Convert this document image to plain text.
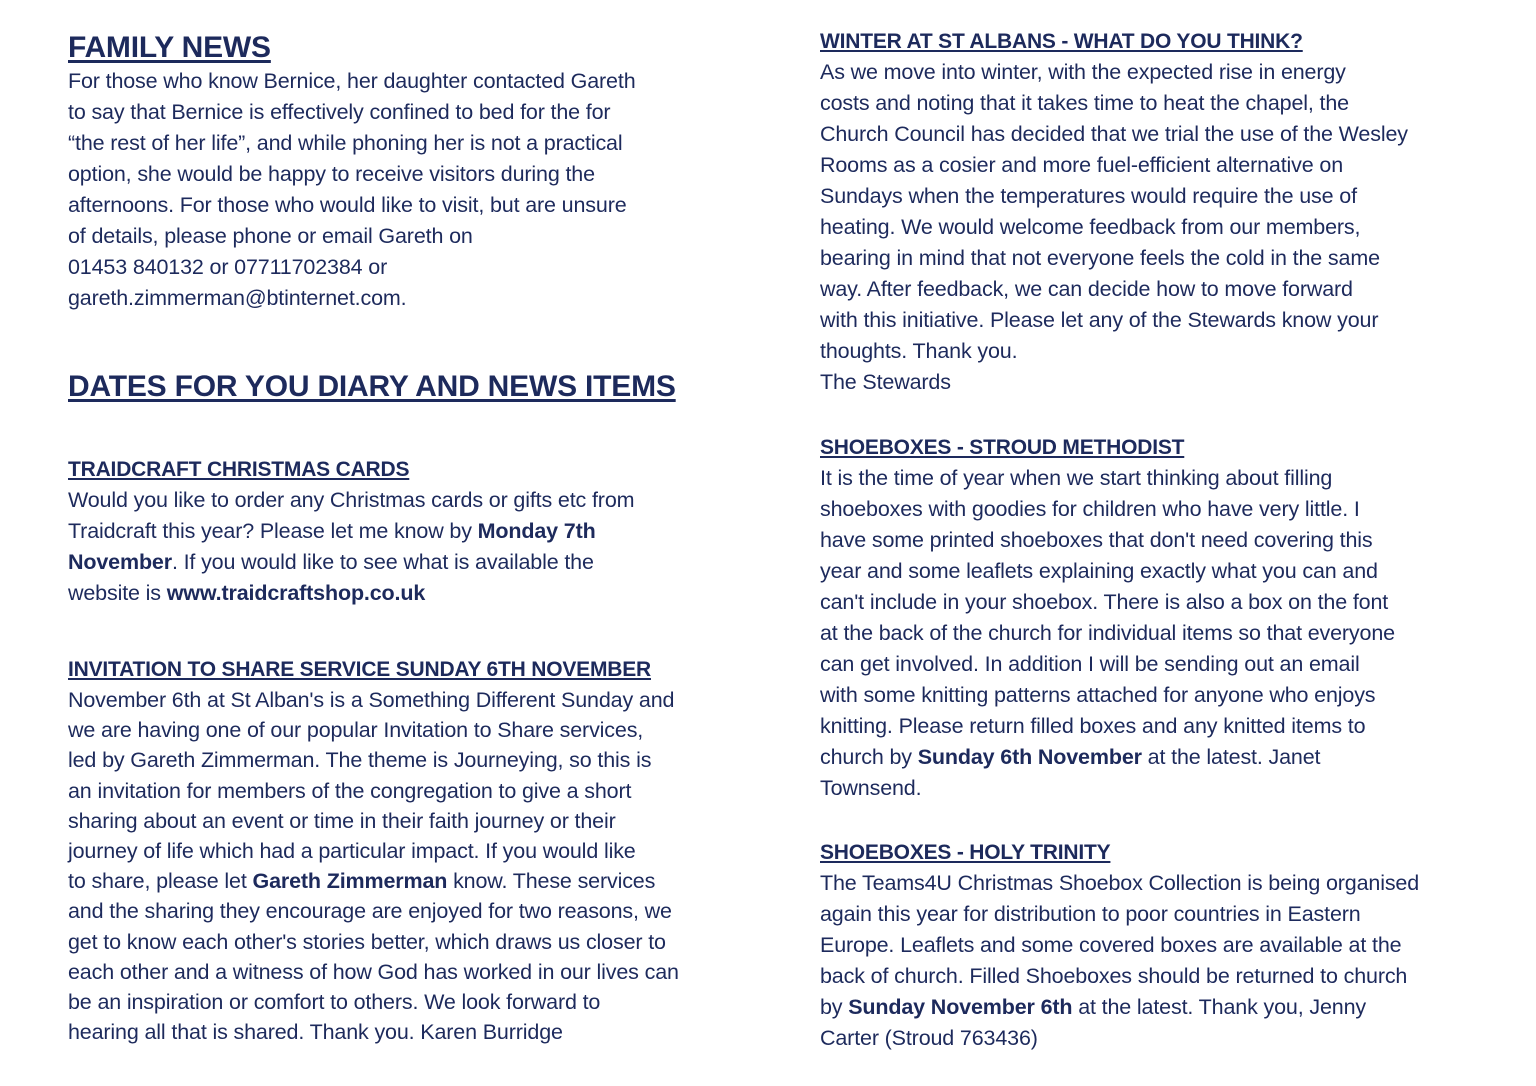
FAMILY NEWS

For those who know Bernice, her daughter contacted Gareth
to say that Bernice is effectively confined to bed for the for
“the rest of her life”, and while phoning her is not a practical
option, she would be happy to receive visitors during the
afternoons. For those who would like to visit, but are unsure
of details, please phone or email Gareth on
01453 840132 or 07711702384 or
gareth.zimmerman@btinternet.com.

DATES FOR YOU DIARY AND NEWS ITEMS
TRAIDCRAFT CHRISTMAS CARDS

Would you like to order any Christmas cards or gifts etc from
Traidcraft this year? Please let me know by Monday 7th
November. If you would like to see what is available the
website is www.traidcraftshop.co.uk

INVITATION TO SHARE SERVICE SUNDAY 6TH NOVEMBER

November 6th at St Alban's is a Something Different Sunday and
we are having one of our popular Invitation to Share services,
led by Gareth Zimmerman. The theme is Journeying, so this is
an invitation for members of the congregation to give a short
sharing about an event or time in their faith journey or their
journey of life which had a particular impact. If you would like
to share, please let Gareth Zimmerman know. These services
and the sharing they encourage are enjoyed for two reasons, we
get to know each other's stories better, which draws us closer to
each other and a witness of how God has worked in our lives can
be an inspiration or comfort to others. We look forward to
hearing all that is shared. Thank you. Karen Burridge

WINTER AT ST ALBANS - WHAT DO YOU THINK?

As we move into winter, with the expected rise in energy
costs and noting that it takes time to heat the chapel, the
Church Council has decided that we trial the use of the Wesley
Rooms as a cosier and more fuel-efficient alternative on
Sundays when the temperatures would require the use of
heating. We would welcome feedback from our members,
bearing in mind that not everyone feels the cold in the same
way. After feedback, we can decide how to move forward
with this initiative. Please let any of the Stewards know your
thoughts. Thank you.
The Stewards

SHOEBOXES - STROUD METHODIST

It is the time of year when we start thinking about filling
shoeboxes with goodies for children who have very little. I
have some printed shoeboxes that don't need covering this
year and some leaflets explaining exactly what you can and
can't include in your shoebox. There is also a box on the font
at the back of the church for individual items so that everyone
can get involved. In addition I will be sending out an email
with some knitting patterns attached for anyone who enjoys
knitting. Please return filled boxes and any knitted items to
church by Sunday 6th November at the latest. Janet
Townsend.

SHOEBOXES - HOLY TRINITY

The Teams4U Christmas Shoebox Collection is being organised
again this year for distribution to poor countries in Eastern
Europe. Leaflets and some covered boxes are available at the
back of church. Filled Shoeboxes should be returned to church
by Sunday November 6th at the latest. Thank you, Jenny
Carter (Stroud 763436)
